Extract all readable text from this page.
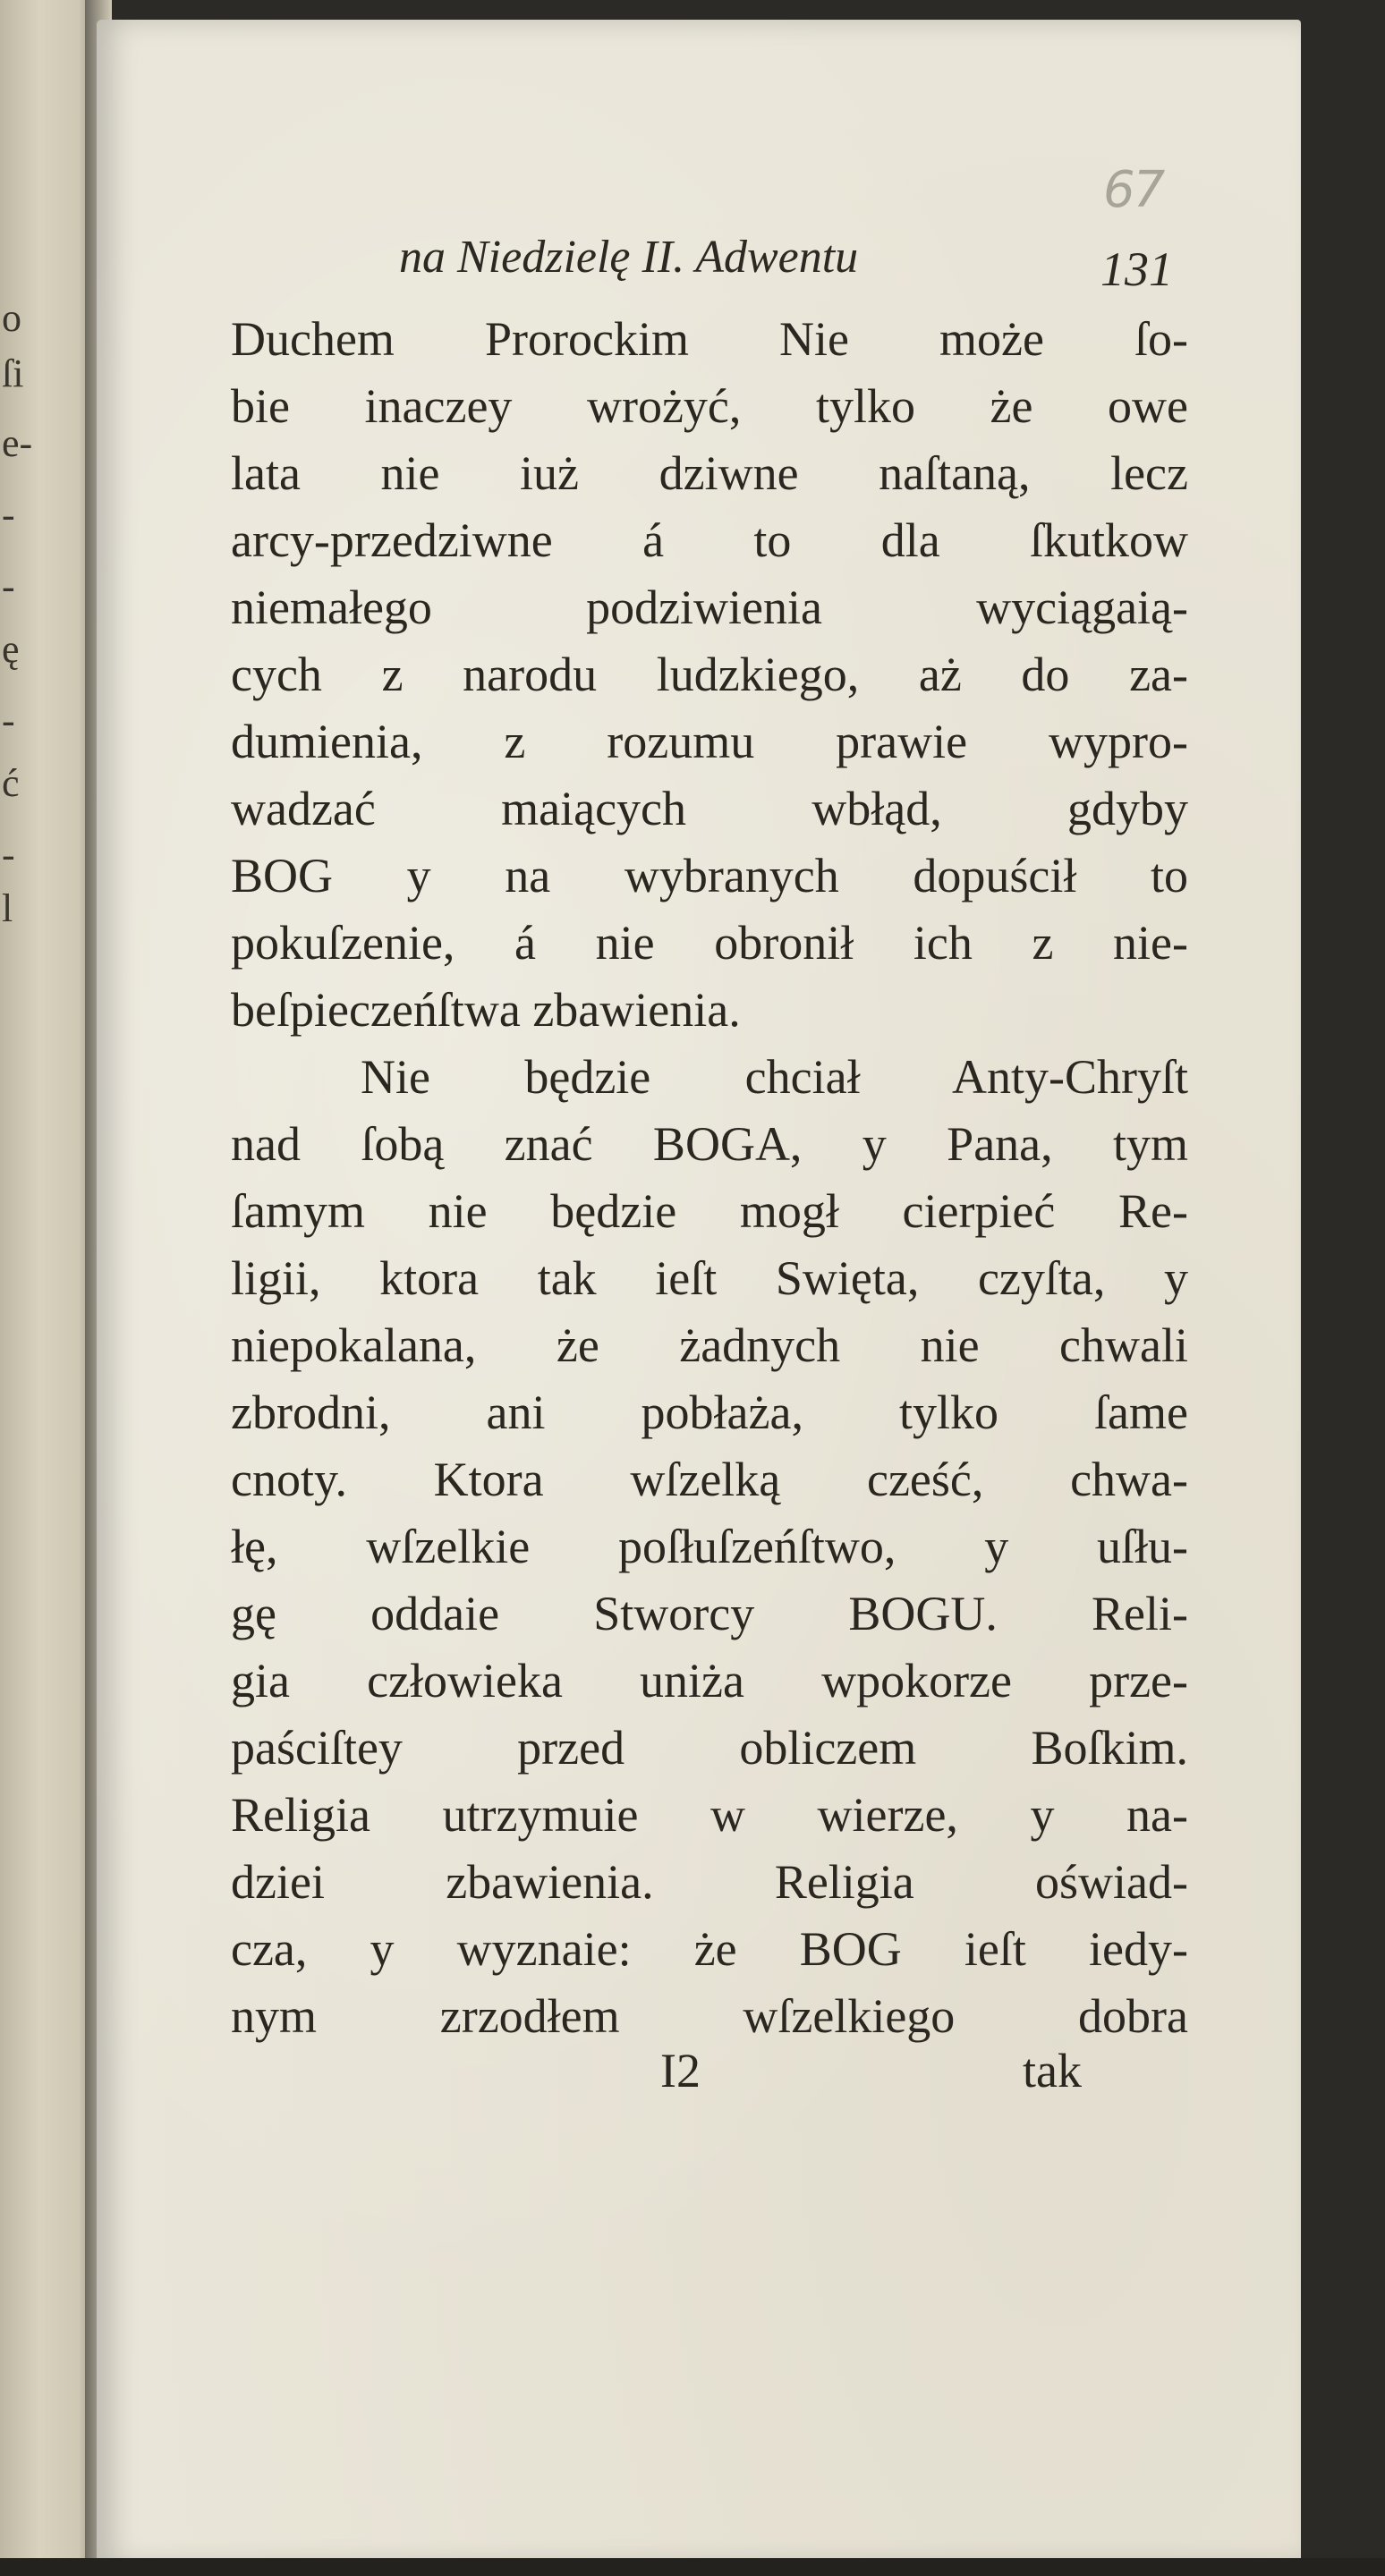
o
ſi
e-
-
-
ę
-
ć
-
l
67
na Niedzielę II. Adwentu	131
Duchem Prorockim Nie może ſo-
bie inaczey wrożyć, tylko że owe
lata nie iuż dziwne naſtaną, lecz
arcy-przedziwne á to dla ſkutkow
niemałego podziwienia wyciągaią-
cych z narodu ludzkiego, aż do za-
dumienia, z rozumu prawie wypro-
wadzać maiących wbłąd, gdyby
BOG y na wybranych dopuścił to
pokuſzenie, á nie obronił ich z nie-
beſpieczeńſtwa zbawienia.
Nie będzie chciał Anty-Chryſt
nad ſobą znać BOGA, y Pana, tym
ſamym nie będzie mogł cierpieć Re-
ligii, ktora tak ieſt Swięta, czyſta, y
niepokalana, że żadnych nie chwali
zbrodni, ani pobłaża, tylko ſame
cnoty. Ktora wſzelką cześć, chwa-
łę, wſzelkie poſłuſzeńſtwo, y uſłu-
gę oddaie Stworcy BOGU. Reli-
gia człowieka uniża wpokorze prze-
paściſtey przed obliczem Boſkim.
Religia utrzymuie w wierze, y na-
dziei zbawienia. Religia oświad-
cza, y wyznaie: że BOG ieſt iedy-
nym zrzodłem wſzelkiego dobra
I2	tak
